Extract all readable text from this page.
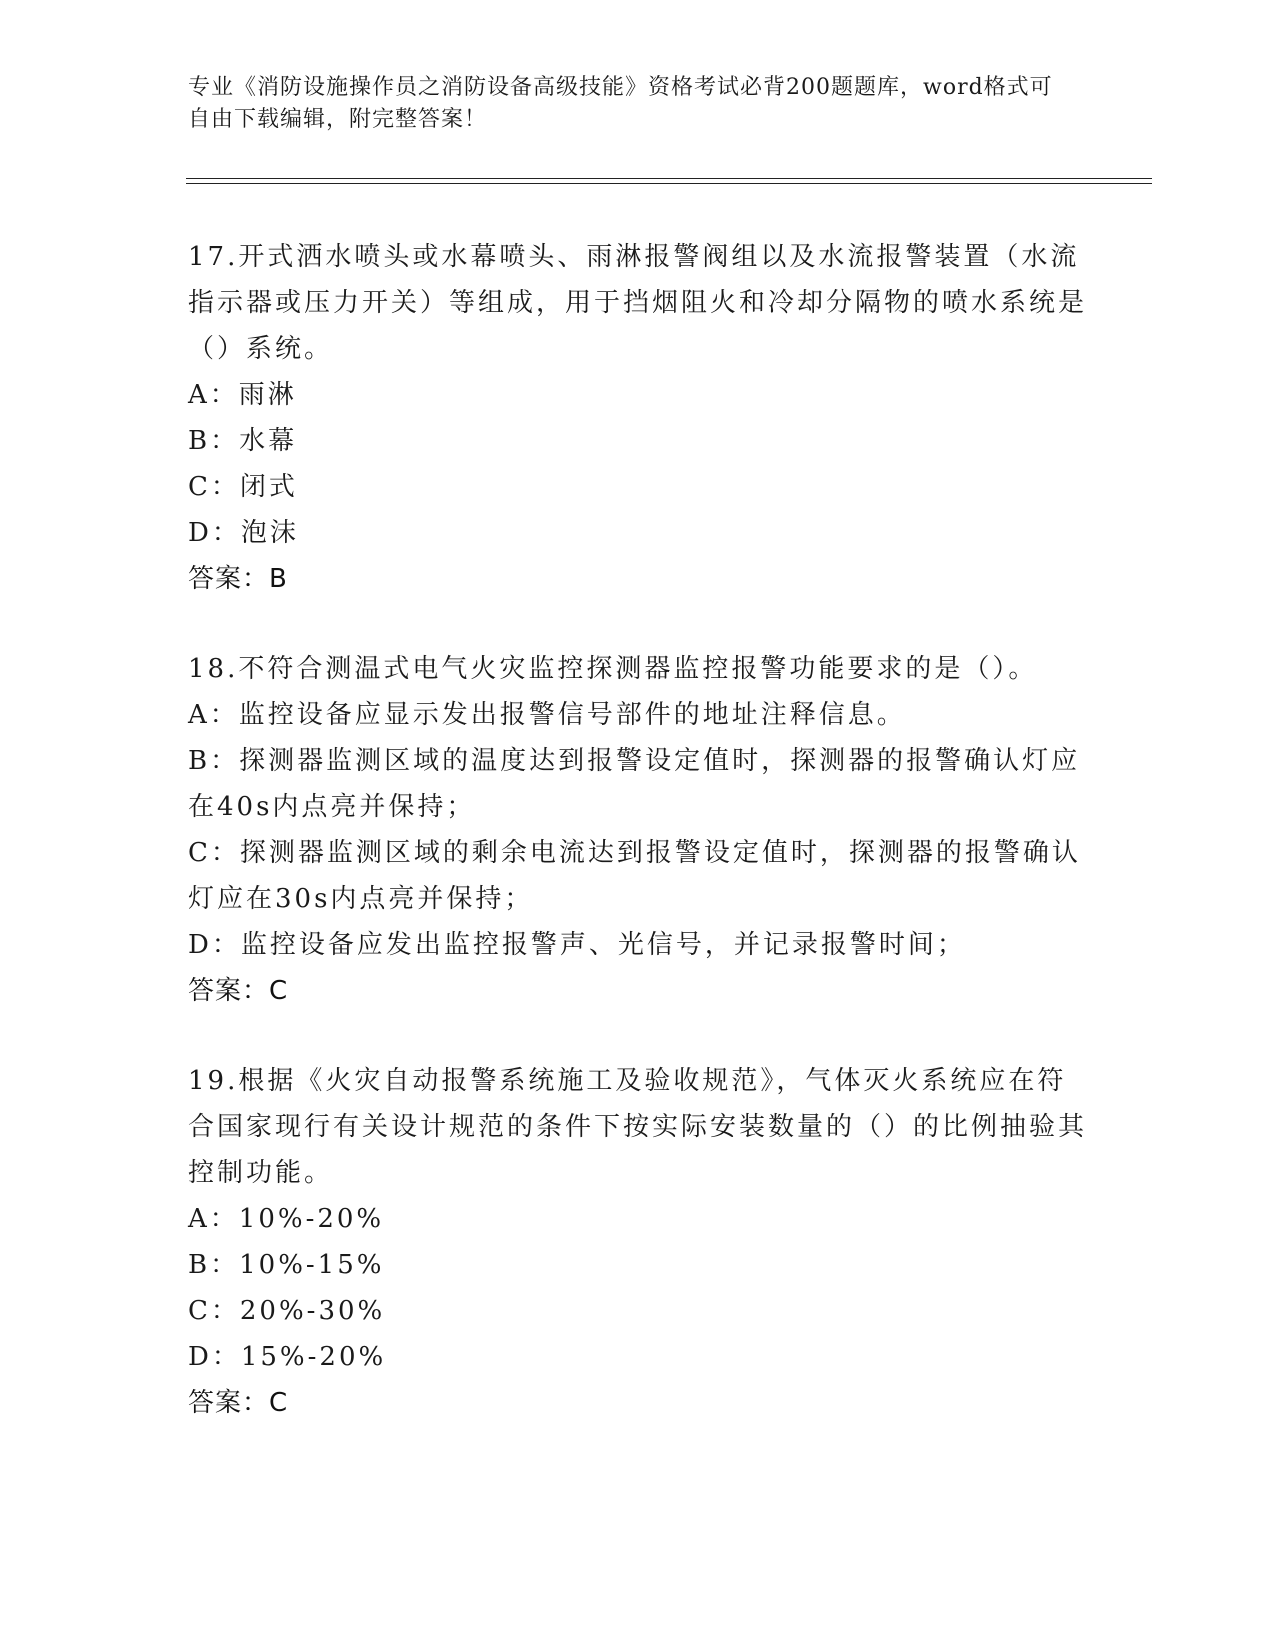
专业《消防设施操作员之消防设备高级技能》资格考试必背200题题库，word格式可自由下载编辑，附完整答案！

17.开式洒水喷头或水幕喷头、雨淋报警阀组以及水流报警装置（水流指示器或压力开关）等组成，用于挡烟阻火和冷却分隔物的喷水系统是（）系统。

A：雨淋

B：水幕

C：闭式

D：泡沫

答案：B

18.不符合测温式电气火灾监控探测器监控报警功能要求的是（）。

A：监控设备应显示发出报警信号部件的地址注释信息。

B：探测器监测区域的温度达到报警设定值时，探测器的报警确认灯应在40s内点亮并保持；

C：探测器监测区域的剩余电流达到报警设定值时，探测器的报警确认灯应在30s内点亮并保持；

D：监控设备应发出监控报警声、光信号，并记录报警时间；

答案：C

19.根据《火灾自动报警系统施工及验收规范》，气体灭火系统应在符合国家现行有关设计规范的条件下按实际安装数量的（）的比例抽验其控制功能。

A：10%-20%

B：10%-15%

C：20%-30%

D：15%-20%

答案：C
